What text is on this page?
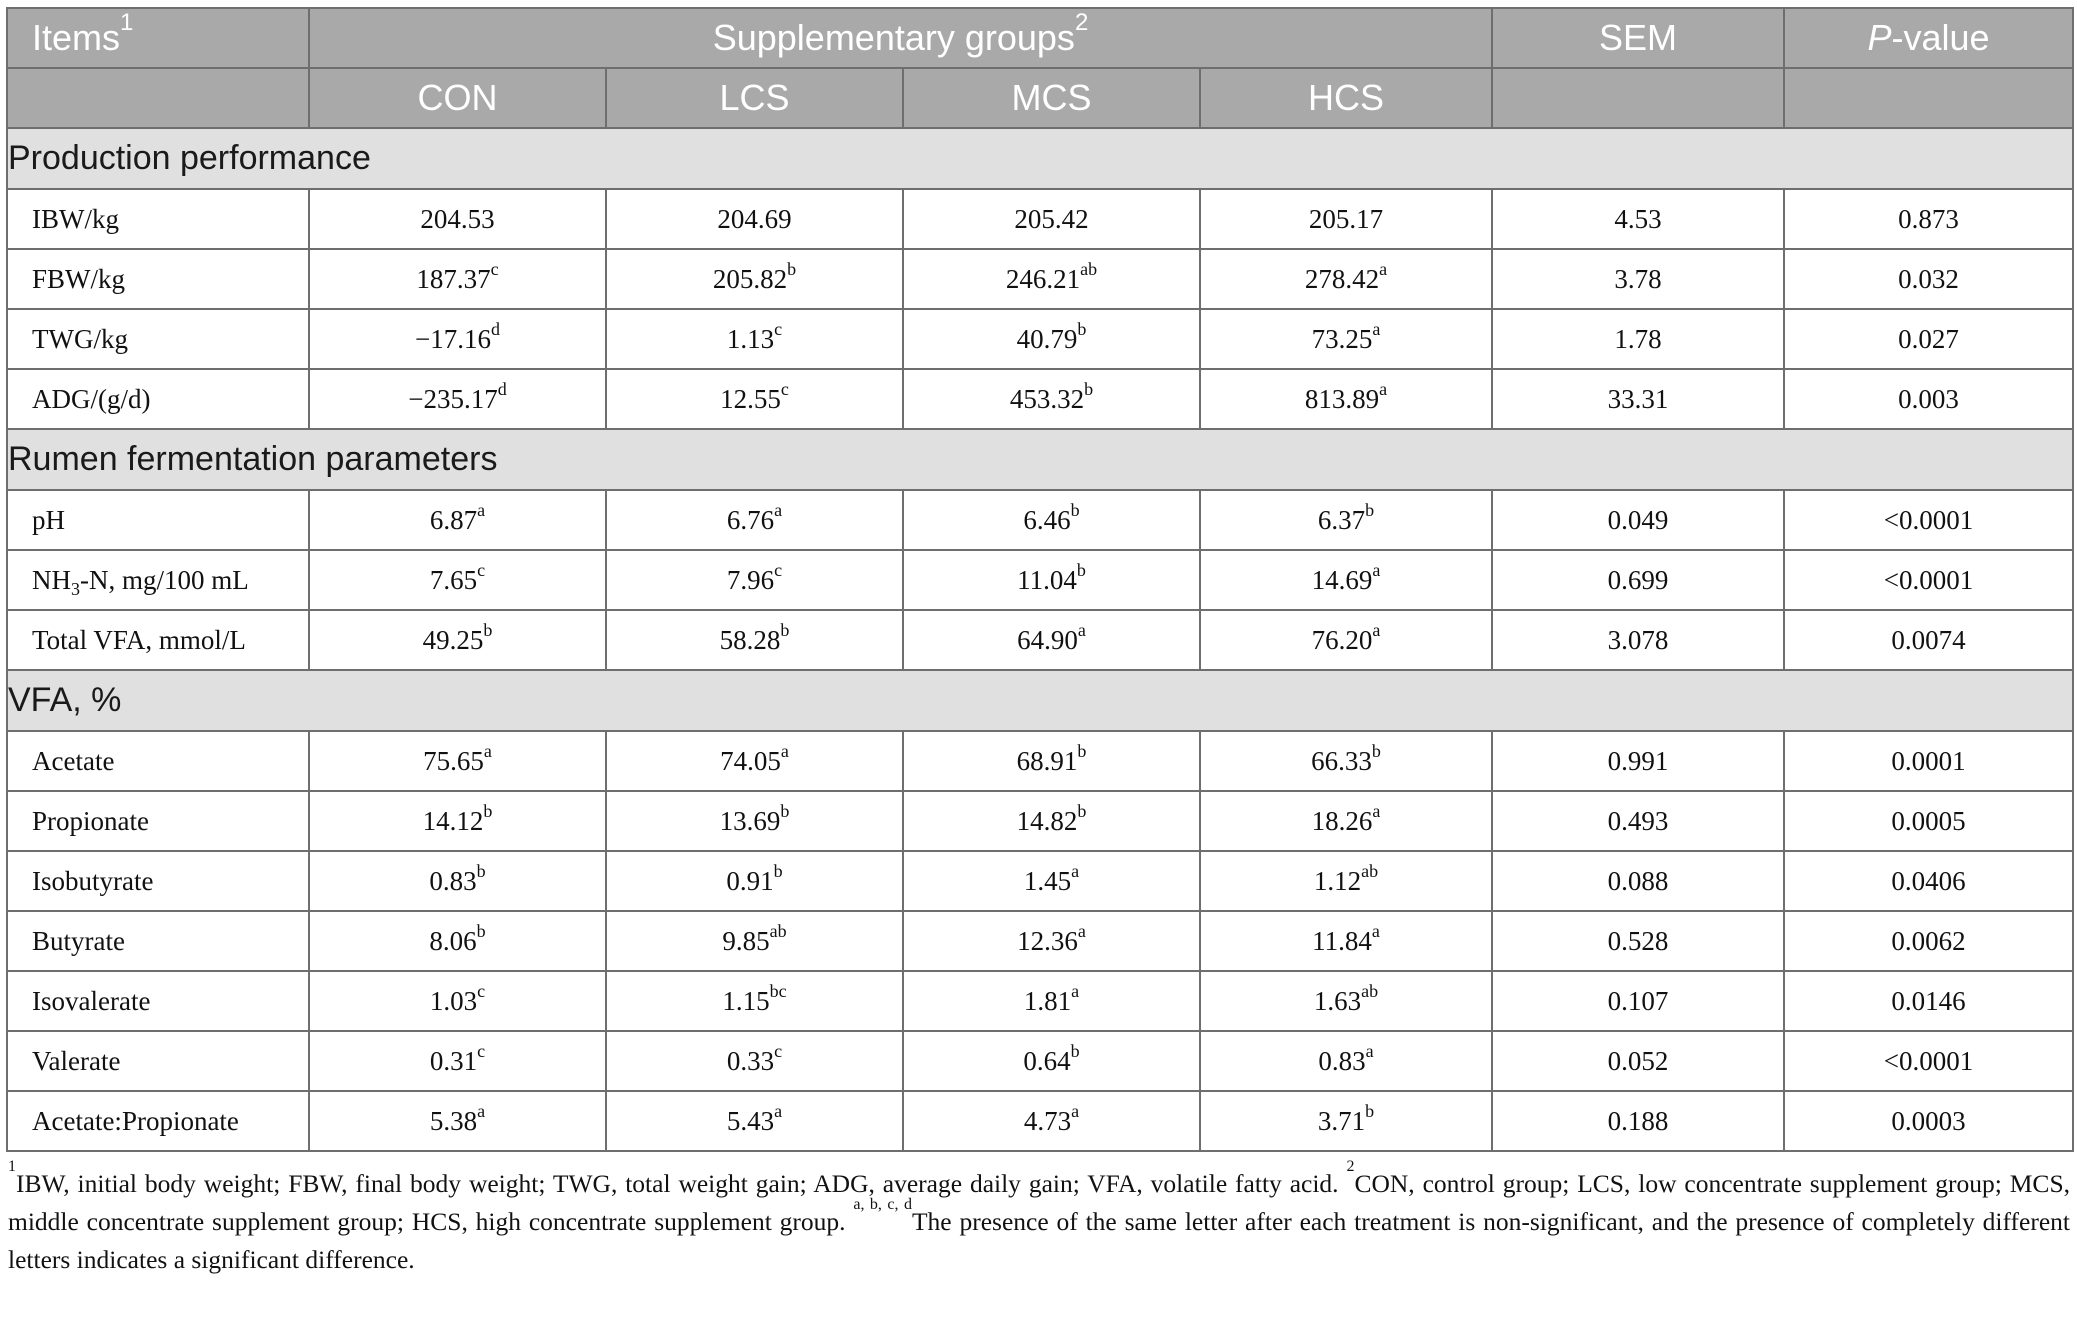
Items$^1$	Supplementary groups$^2$				SEM	P-value
	CON	LCS	MCS	HCS		
Production performance						
IBW/kg	204.53	204.69	205.42	205.17	4.53	0.873
FBW/kg	187.37$^c$	205.82$^b$	246.21$^{ab}$	278.42$^a$	3.78	0.032
TWG/kg	−17.16$^d$	1.13$^c$	40.79$^b$	73.25$^a$	1.78	0.027
ADG/(g/d)	−235.17$^d$	12.55$^c$	453.32$^b$	813.89$^a$	33.31	0.003
Rumen fermentation parameters						
pH	6.87$^a$	6.76$^a$	6.46$^b$	6.37$^b$	0.049	<0.0001
$NH_3-N$, mg/100 mL	7.65$^c$	7.96$^c$	11.04$^b$	14.69$^a$	0.699	<0.0001
Total VFA, mmol/L	49.25$^b$	58.28$^b$	64.90$^a$	76.20$^a$	3.078	0.0074
VFA, %						
Acetate	75.65$^a$	74.05$^a$	68.91$^b$	66.33$^b$	0.991	0.0001
Propionate	14.12$^b$	13.69$^b$	14.82$^b$	18.26$^a$	0.493	0.0005
Isobutyrate	0.83$^b$	0.91$^b$	1.45$^a$	1.12$^{ab}$	0.088	0.0406
Butyrate	8.06$^b$	9.85$^{ab}$	12.36$^a$	11.84$^a$	0.528	0.0062
Isovalerate	1.03$^c$	1.15$^{bc}$	1.81$^a$	1.63$^{ab}$	0.107	0.0146
Valerate	0.31$^c$	0.33$^c$	0.64$^b$	0.83$^a$	0.052	<0.0001
Acetate:Propionate	5.38$^a$	5.43$^a$	4.73$^a$	3.71$^b$	0.188	0.0003
$^1$IBW, initial body weight; FBW, final body weight; TWG, total weight gain; ADG, average daily gain; VFA, volatile fatty acid. $^2$CON, control group; LCS, low concentrate supplement group; MCS, middle concentrate supplement group; HCS, high concentrate supplement group. $^{a, b, c, d}$The presence of the same letter after each treatment is non-significant, and the presence of completely different letters indicates a significant difference.
